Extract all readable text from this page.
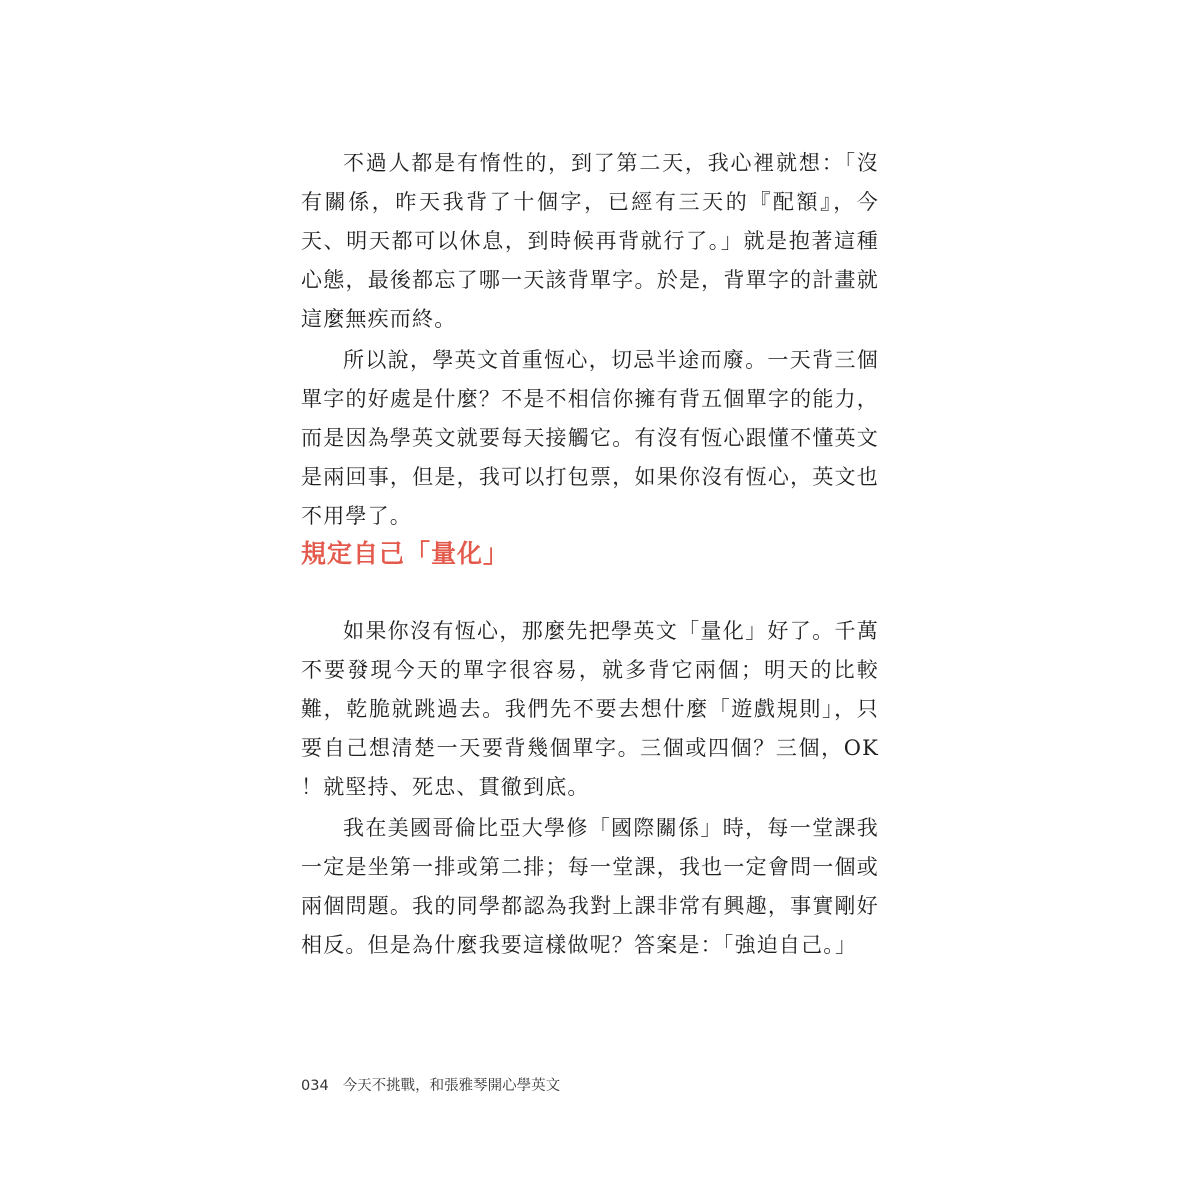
不過人都是有惰性的，到了第二天，我心裡就想：「沒有關係，昨天我背了十個字，已經有三天的『配額』，今天、明天都可以休息，到時候再背就行了。」就是抱著這種心態，最後都忘了哪一天該背單字。於是，背單字的計畫就這麼無疾而終。

所以說，學英文首重恆心，切忌半途而廢。一天背三個單字的好處是什麼？不是不相信你擁有背五個單字的能力，而是因為學英文就要每天接觸它。有沒有恆心跟懂不懂英文是兩回事，但是，我可以打包票，如果你沒有恆心，英文也不用學了。

規定自己「量化」

如果你沒有恆心，那麼先把學英文「量化」好了。千萬不要發現今天的單字很容易，就多背它兩個；明天的比較難，乾脆就跳過去。我們先不要去想什麼「遊戲規則」，只要自己想清楚一天要背幾個單字。三個或四個？三個，OK ！就堅持、死忠、貫徹到底。

我在美國哥倫比亞大學修「國際關係」時，每一堂課我一定是坐第一排或第二排；每一堂課，我也一定會問一個或兩個問題。我的同學都認為我對上課非常有興趣，事實剛好相反。但是為什麼我要這樣做呢？答案是：「強迫自己。」

034 今天不挑戰，和張雅琴開心學英文
